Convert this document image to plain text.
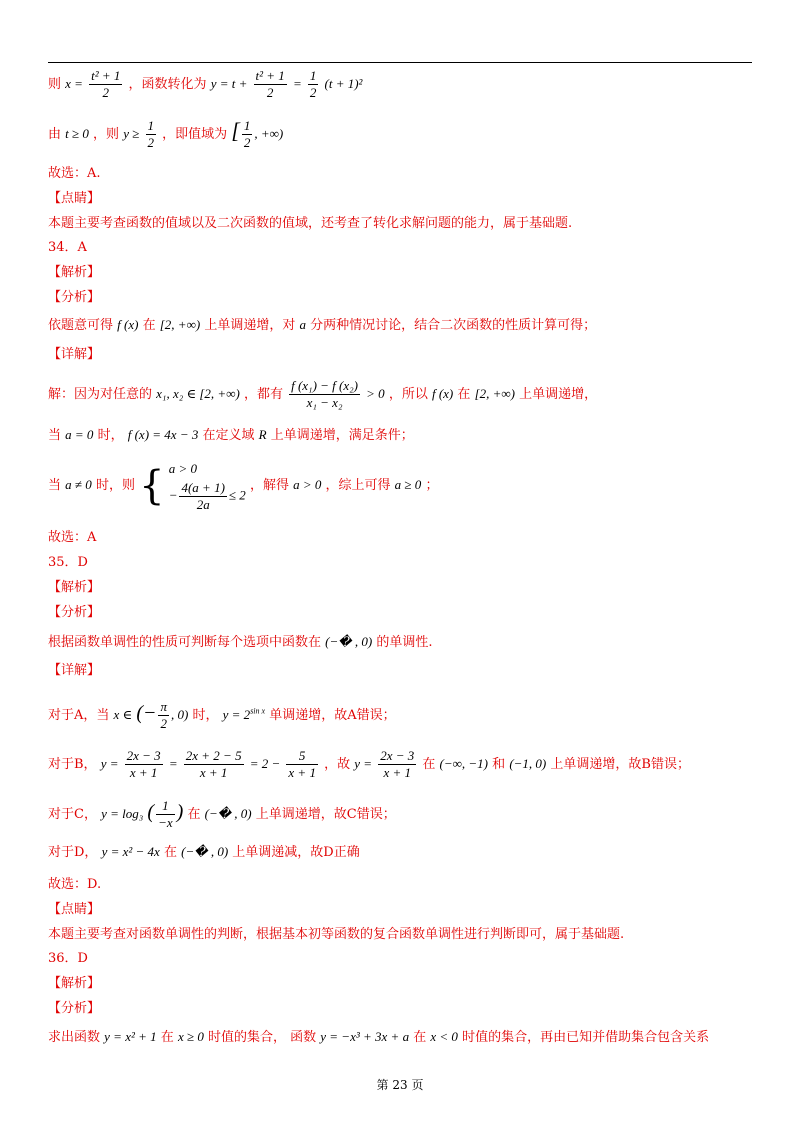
则 $x = \frac{\text{t² + 1}}{2}$ ，函数转化为 $y = t + \frac{\text{t² + 1}}{2} = \frac{1}{2} (t + 1)^2$
由 t ≥ 0 ，则 $y \ge \frac{1}{2}$ ，即值域为 [ $\frac{1}{2}$ , +∞)
故选：A.
【点睛】
本题主要考查函数的值域以及二次函数的值域，还考查了转化求解问题的能力，属于基础题.
34．A
【解析】
【分析】
依题意可得 f (x) 在 [2, +∞) 上单调递增，对 a 分两种情况讨论，结合二次函数的性质计算可得；
【详解】
解：因为对任意的 x₁, x₂ ∈ [2, +∞) ，都有 $\frac{\text{f (x₁) − f (x₂)}}{\text{x₁ − x₂}} > 0$ ，所以 f (x) 在 [2, +∞) 上单调递增，
当 a = 0 时， f (x) = 4x − 3 在定义域 R 上单调递增，满足条件；
当 a ≠ 0 时，则 { a > 0
− $\frac{4(a + 1)}{2a} \le 2$
，解得 a > 0 ，综上可得 a ≥ 0 ；
故选：A
35．D
【解析】
【分析】
根据函数单调性的性质可判断每个选项中函数在 (−� , 0) 的单调性.
【详解】
对于A，当 x ∈ (− $\frac{\pi}{2}$ , 0) 时， $y = 2^{sin x}$ 单调递增，故A错误；
对于B， $y = \frac{2x - 3}{x + 1} = \frac{2x + 2 - 5}{x + 1} = 2 - \frac{5}{x + 1}$ ，故 $y = \frac{2x - 3}{x + 1}$ 在 (−∞, −1) 和 (−1, 0) 上单调递增，故B错误；
对于C， y = log₃ ( $\frac{1}{-x}$ ) 在 (−� , 0) 上单调递增，故C错误；
对于D， y = x² − 4x 在 (−� , 0) 上单调递减，故D正确
故选：D.
【点睛】
本题主要考查对函数单调性的判断，根据基本初等函数的复合函数单调性进行判断即可，属于基础题.
36．D
【解析】
【分析】
求出函数 y = x² + 1 在 x ≥ 0 时值的集合， 函数 y = −x³ + 3x + a 在 x < 0 时值的集合，再由已知并借助集合包含关系
第 23 页
